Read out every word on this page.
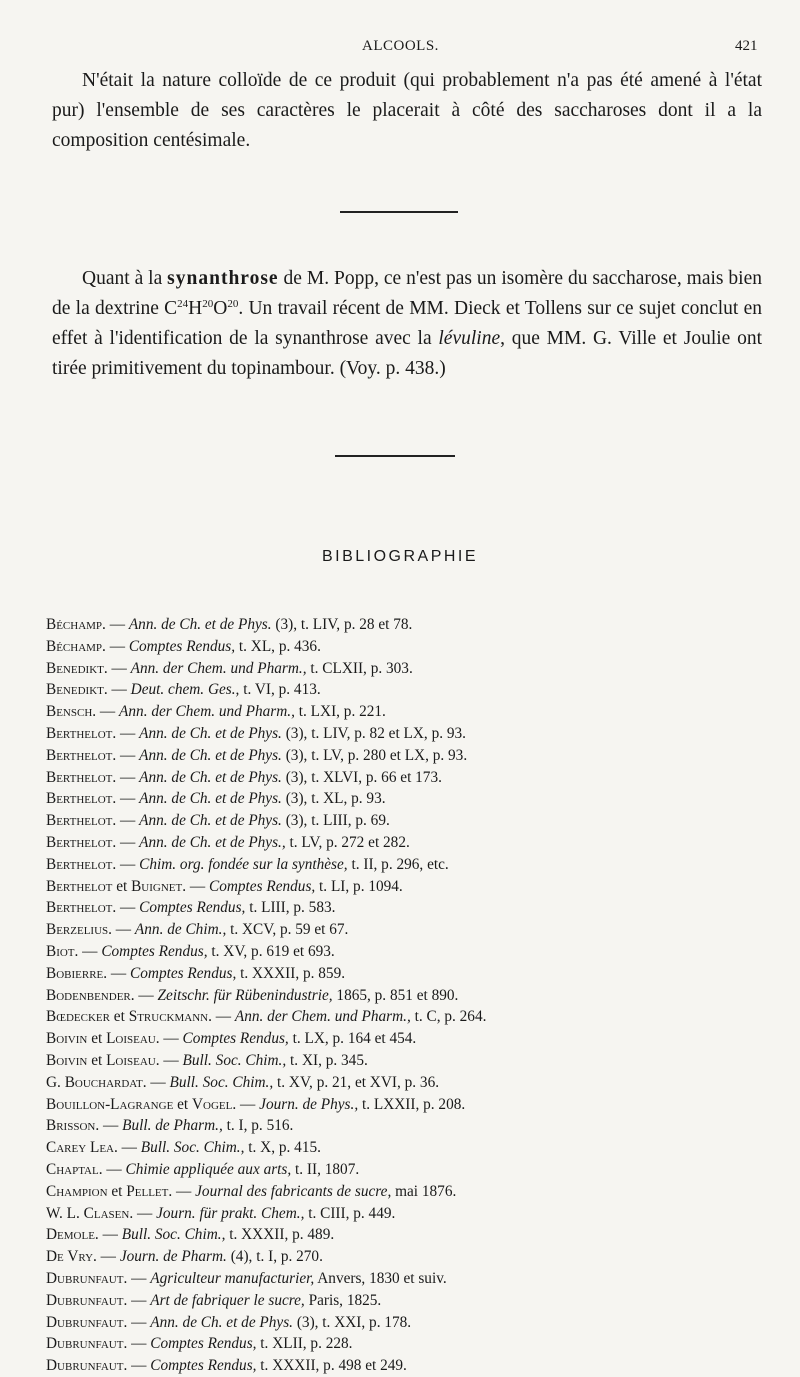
ALCOOLS.	421

N'était la nature colloïde de ce produit (qui probablement n'a pas été amené à l'état pur) l'ensemble de ses caractères le placerait à côté des saccharoses dont il a la composition centésimale.

Quant à la synanthrose de M. Popp, ce n'est pas un isomère du saccharose, mais bien de la dextrine $C^{24}H^{20}O^{20}$. Un travail récent de MM. Dieck et Tollens sur ce sujet conclut en effet à l'identification de la synanthrose avec la lévuline, que MM. G. Ville et Joulie ont tirée primitivement du topinambour. (Voy. p. 438.)

BIBLIOGRAPHIE
Béchamp. — Ann. de Ch. et de Phys. (3), t. LIV, p. 28 et 78.
Béchamp. — Comptes Rendus, t. XL, p. 436.
Benedikt. — Ann. der Chem. und Pharm., t. CLXII, p. 303.
Benedikt. — Deut. chem. Ges., t. VI, p. 413.
Bensch. — Ann. der Chem. und Pharm., t. LXI, p. 221.
Berthelot. — Ann. de Ch. et de Phys. (3), t. LIV, p. 82 et LX, p. 93.
Berthelot. — Ann. de Ch. et de Phys. (3), t. LV, p. 280 et LX, p. 93.
Berthelot. — Ann. de Ch. et de Phys. (3), t. XLVI, p. 66 et 173.
Berthelot. — Ann. de Ch. et de Phys. (3), t. XL, p. 93.
Berthelot. — Ann. de Ch. et de Phys. (3), t. LIII, p. 69.
Berthelot. — Ann. de Ch. et de Phys., t. LV, p. 272 et 282.
Berthelot. — Chim. org. fondée sur la synthèse, t. II, p. 296, etc.
Berthelot et Buignet. — Comptes Rendus, t. LI, p. 1094.
Berthelot. — Comptes Rendus, t. LIII, p. 583.
Berzelius. — Ann. de Chim., t. XCV, p. 59 et 67.
Biot. — Comptes Rendus, t. XV, p. 619 et 693.
Bobierre. — Comptes Rendus, t. XXXII, p. 859.
Bodenbender. — Zeitschr. für Rübenindustrie, 1865, p. 851 et 890.
Bœdecker et Struckmann. — Ann. der Chem. und Pharm., t. C, p. 264.
Boivin et Loiseau. — Comptes Rendus, t. LX, p. 164 et 454.
Boivin et Loiseau. — Bull. Soc. Chim., t. XI, p. 345.
G. Bouchardat. — Bull. Soc. Chim., t. XV, p. 21, et XVI, p. 36.
Bouillon-Lagrange et Vogel. — Journ. de Phys., t. LXXII, p. 208.
Brisson. — Bull. de Pharm., t. I, p. 516.
Carey Lea. — Bull. Soc. Chim., t. X, p. 415.
Chaptal. — Chimie appliquée aux arts, t. II, 1807.
Champion et Pellet. — Journal des fabricants de sucre, mai 1876.
W. L. Clasen. — Journ. für prakt. Chem., t. CIII, p. 449.
Demole. — Bull. Soc. Chim., t. XXXII, p. 489.
De Vry. — Journ. de Pharm. (4), t. I, p. 270.
Dubrunfaut. — Agriculteur manufacturier, Anvers, 1830 et suiv.
Dubrunfaut. — Art de fabriquer le sucre, Paris, 1825.
Dubrunfaut. — Ann. de Ch. et de Phys. (3), t. XXI, p. 178.
Dubrunfaut. — Comptes Rendus, t. XLII, p. 228.
Dubrunfaut. — Comptes Rendus, t. XXXII, p. 498 et 249.
